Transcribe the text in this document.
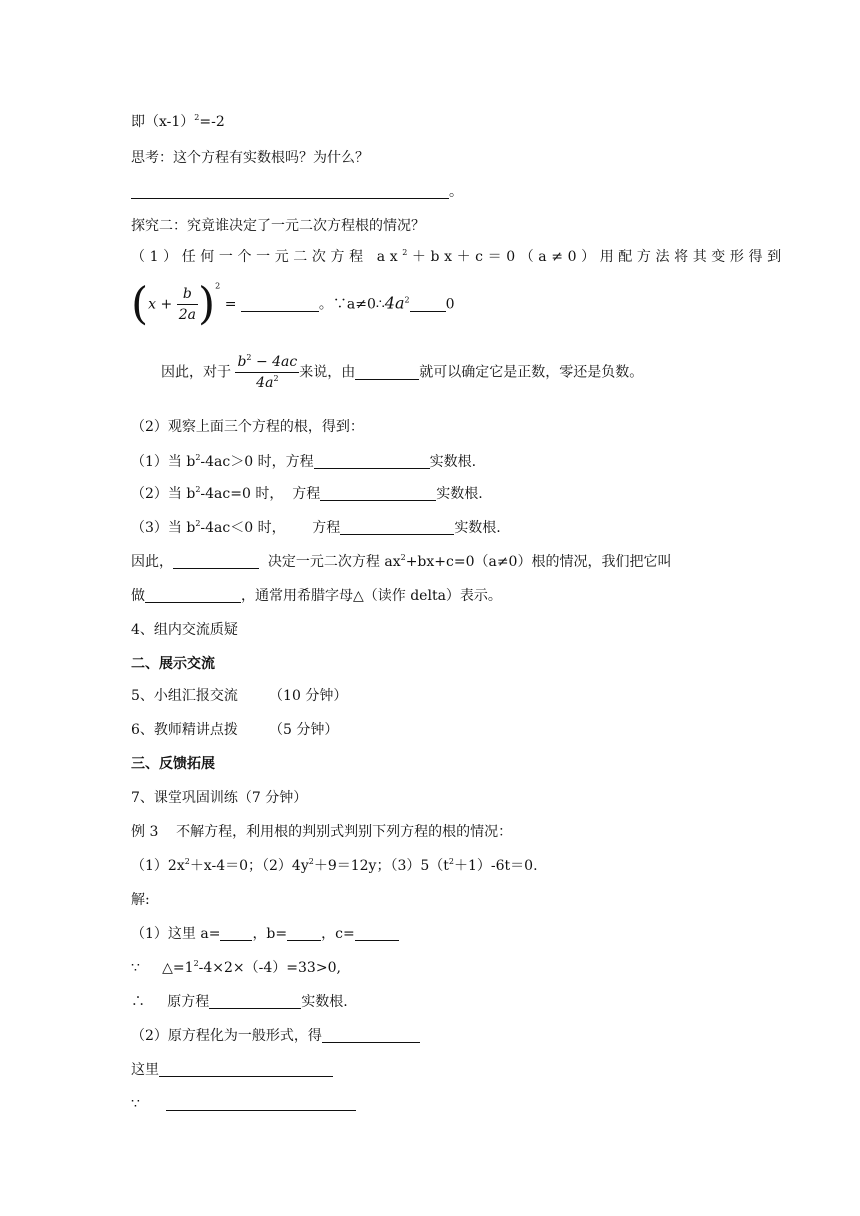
即$(x-1)^2=-2$
思考：这个方程有实数根吗？为什么？
。
探究二：究竟谁决定了一元二次方程根的情况？
（1）任何一个一元二次方程 $ax^2+bx+c=0(a\ne 0)$用配方法将其变形得到
$(x + \frac{b}{2a} )^2$ =	。$\because a\ne 0\therefore 4a^2$	0
因此，对于 $\frac{b^2 - 4ac}{4a^2}$ 来说，由	就可以确定它是正数，零还是负数。
（2）观察上面三个方程的根，得到：
（1）当 $b^2-4ac>0$ 时，方程	实数根.
（2）当 $b^2-4ac=0$ 时，  方程	实数根.
（3）当 $b^2-4ac<0$ 时，      方程	实数根.
因此，	决定一元二次方程 $ax^2+bx+c=0(a\ne 0)$根的情况，我们把它叫
做	，通常用希腊字母△（读作 delta）表示。
4、组内交流质疑
二、展示交流
5、小组汇报交流       （10 分钟）
6、教师精讲点拨       （5 分钟）
三、反馈拓展
7、课堂巩固训练（7 分钟）
例 3    不解方程，利用根的判别式判别下列方程的根的情况：
$(1)2x^2+x-4=0$；$(2)4y^2+9=12y$；$(3)5(t^2+1)-6t=0$.
解:
（1）这里 a= ，b= ，c=
∵     $\triangle=1^2-4\times 2\times(-4)=33>0$,
∴     原方程	实数根.
（2）原方程化为一般形式，得
这里
∵
